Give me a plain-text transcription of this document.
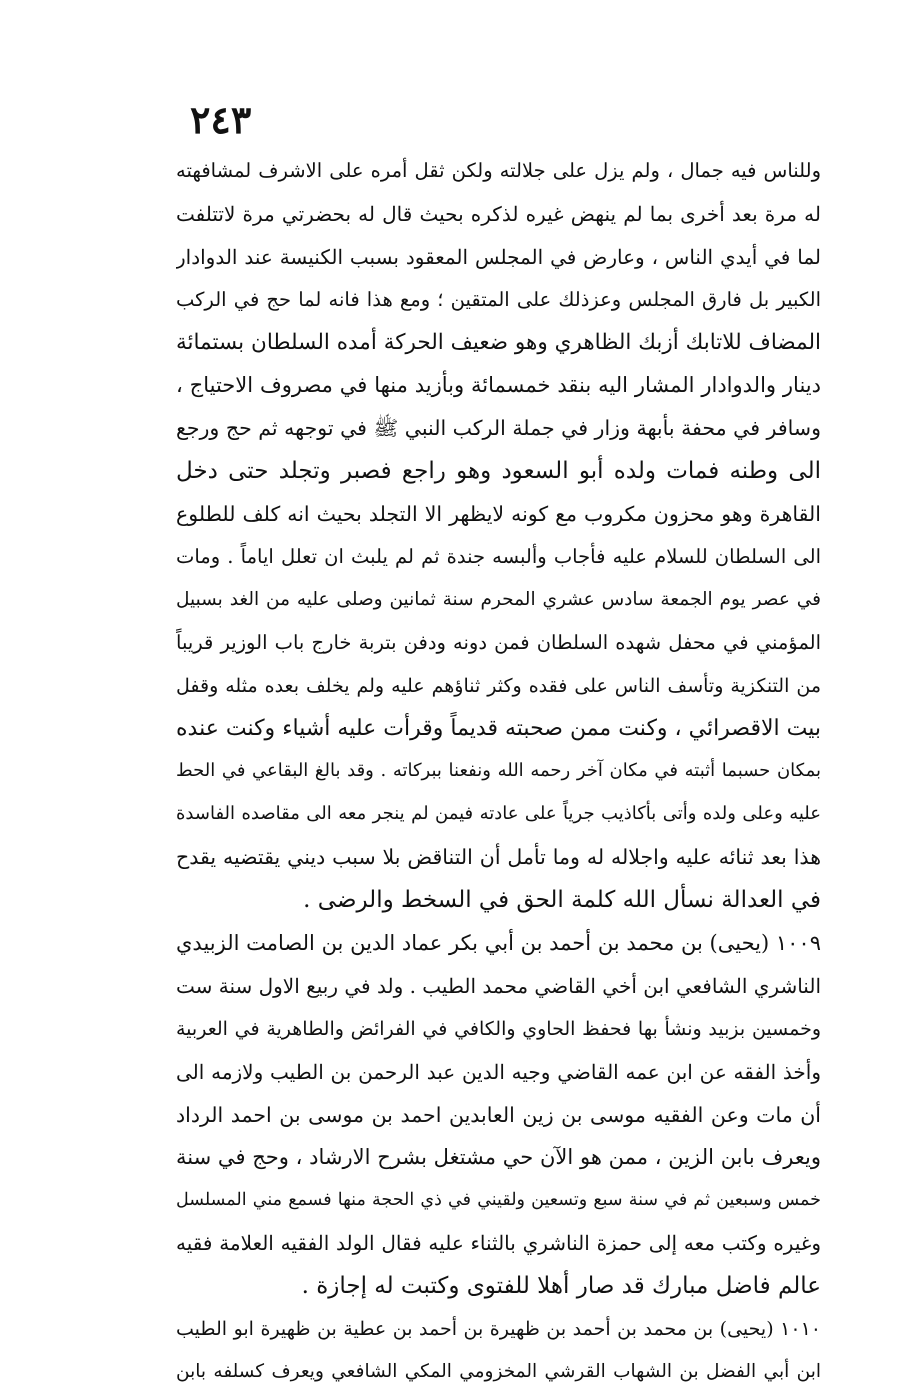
٢٤٣
وللناس فيه جمال ، ولم يزل على جلالته ولكن ثقل أمره على الاشرف لمشافهته
له مرة بعد أخرى بما لم ينهض غيره لذكره بحيث قال له بحضرتي مرة لاتتلفت
لما في أيدي الناس ، وعارض في المجلس المعقود بسبب الكنيسة عند الدوادار
الكبير بل فارق المجلس وعزذلك على المتقين ؛ ومع هذا فانه لما حج في الركب
المضاف للاتابك أزبك الظاهري وهو ضعيف الحركة أمده السلطان بستمائة
دينار والدوادار المشار اليه بنقد خمسمائة وبأزيد منها في مصروف الاحتياج ،
وسافر في محفة بأبهة وزار في جملة الركب النبي ﷺ في توجهه ثم حج ورجع
الى وطنه فمات ولده أبو السعود وهو راجع فصبر وتجلد حتى دخل
القاهرة وهو محزون مكروب مع كونه لايظهر الا التجلد بحيث انه كلف للطلوع
الى السلطان للسلام عليه فأجاب وألبسه جندة ثم لم يلبث ان تعلل اياماً . ومات
في عصر يوم الجمعة سادس عشري المحرم سنة ثمانين وصلى عليه من الغد بسبيل
المؤمني في محفل شهده السلطان فمن دونه ودفن بتربة خارج باب الوزير قريباً
من التنكزية وتأسف الناس على فقده وكثر ثناؤهم عليه ولم يخلف بعده مثله وقفل
بيت الاقصرائي ، وكنت ممن صحبته قديماً وقرأت عليه أشياء وكنت عنده
بمكان حسبما أثبته في مكان آخر رحمه الله ونفعنا ببركاته . وقد بالغ البقاعي في الحط
عليه وعلى ولده وأتى بأكاذيب جرياً على عادته فيمن لم ينجر معه الى مقاصده الفاسدة
هذا بعد ثنائه عليه واجلاله له وما تأمل أن التناقض بلا سبب ديني يقتضيه يقدح
في العدالة نسأل الله كلمة الحق في السخط والرضى .
١٠٠٩ (يحيى) بن محمد بن أحمد بن أبي بكر عماد الدين بن الصامت الزبيدي
الناشري الشافعي ابن أخي القاضي محمد الطيب . ولد في ربيع الاول سنة ست
وخمسين بزبيد ونشأ بها فحفظ الحاوي والكافي في الفرائض والطاهرية في العربية
وأخذ الفقه عن ابن عمه القاضي وجيه الدين عبد الرحمن بن الطيب ولازمه الى
أن مات وعن الفقيه موسى بن زين العابدين احمد بن موسى بن احمد الرداد
ويعرف بابن الزين ، ممن هو الآن حي مشتغل بشرح الارشاد ، وحج في سنة
خمس وسبعين ثم في سنة سبع وتسعين ولقيني في ذي الحجة منها فسمع مني المسلسل
وغيره وكتب معه إلى حمزة الناشري بالثناء عليه فقال الولد الفقيه العلامة فقيه
عالم فاضل مبارك قد صار أهلا للفتوى وكتبت له إجازة .
١٠١٠ (يحيى) بن محمد بن أحمد بن ظهيرة بن أحمد بن عطية بن ظهيرة ابو الطيب
ابن أبي الفضل بن الشهاب القرشي المخزومي المكي الشافعي ويعرف كسلفه بابن
